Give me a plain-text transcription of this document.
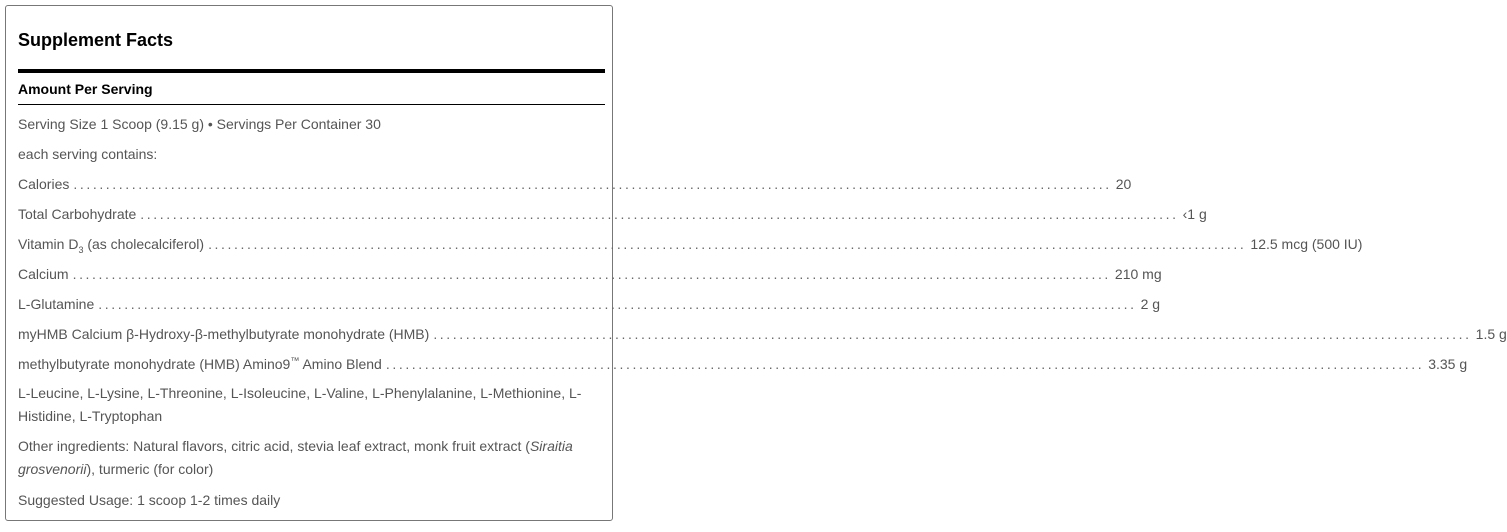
Supplement Facts
Amount Per Serving
Serving Size 1 Scoop (9.15 g) • Servings Per Container 30
each serving contains:
Calories ................................................................................................................................................................ 20
Total Carbohydrate ................................................................................................................................................................ ‹1 g
Vitamin $D_3$ (as cholecalciferol) ................................................................................................................................................................ 12.5 mcg (500 IU)
Calcium ................................................................................................................................................................ 210 mg
L-Glutamine ................................................................................................................................................................ 2 g
myHMB Calcium β-Hydroxy-β-methylbutyrate monohydrate (HMB) ................................................................................................................................................................ 1.5 g
methylbutyrate monohydrate (HMB) Amino9™ Amino Blend ................................................................................................................................................................ 3.35 g
L-Leucine, L-Lysine, L-Threonine, L-Isoleucine, L-Valine, L-Phenylalanine, L-Methionine, L-Histidine, L-Tryptophan
Other ingredients: Natural flavors, citric acid, stevia leaf extract, monk fruit extract (Siraitia grosvenorii), turmeric (for color)
Suggested Usage: 1 scoop 1-2 times daily
